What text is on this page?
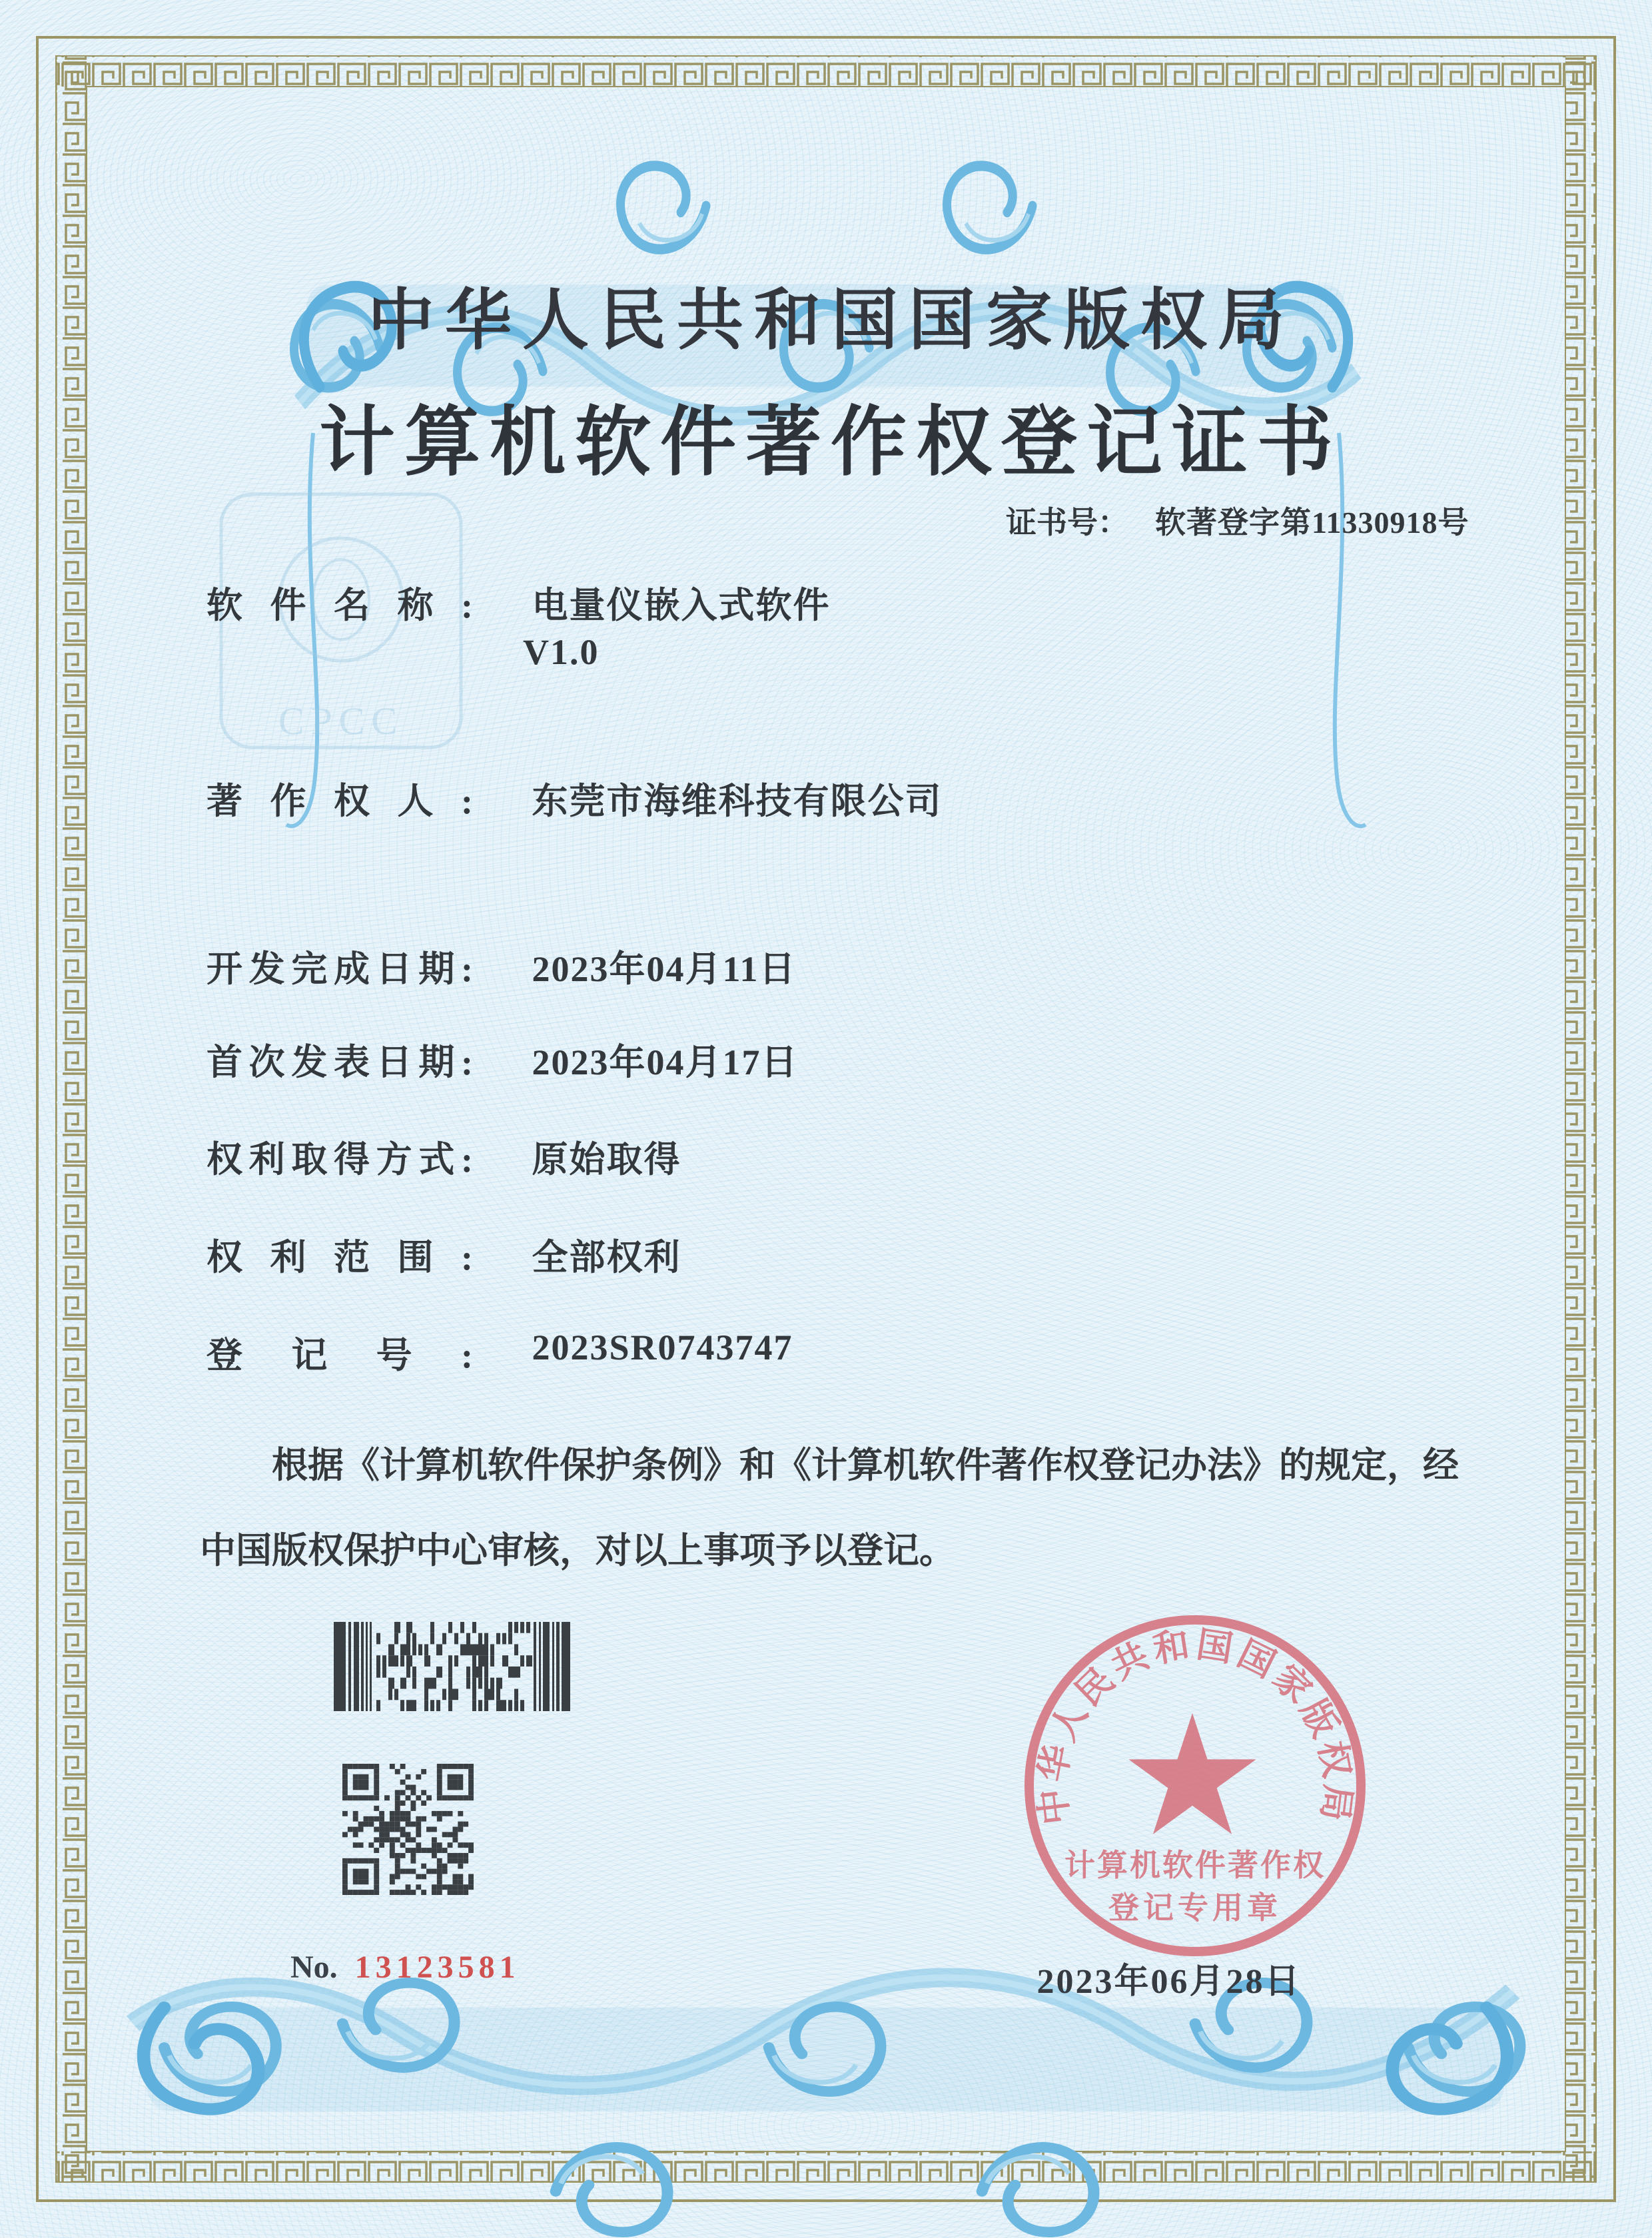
CPCC
中华人民共和国国家版权局
计算机软件著作权登记证书
证书号： 软著登字第11330918号
软件名称: 电量仪嵌入式软件
V1.0
著作权人: 东莞市海维科技有限公司
开发完成日期: 2023年04月11日
首次发表日期: 2023年04月17日
权利取得方式: 原始取得
权利范围: 全部权利
登记号: 2023SR0743747
根据《计算机软件保护条例》和《计算机软件著作权登记办法》的规定，经中国版权保护中心审核，对以上事项予以登记。
No. 13123581
中华人民共和国国家版权局
计算机软件著作权
登记专用章
2023年06月28日
